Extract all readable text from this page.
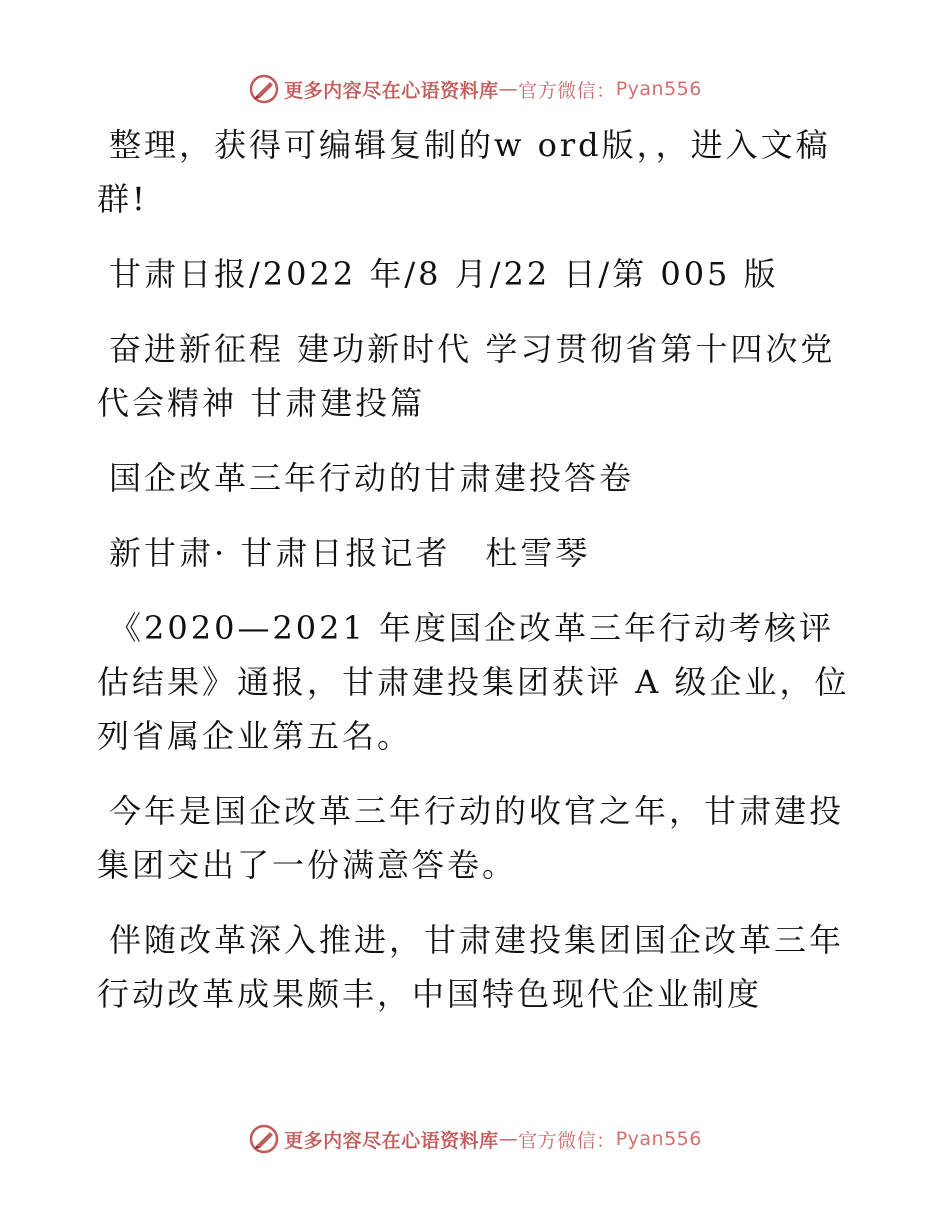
更多内容尽在心语资料库 — 官方微信： Pyan556

整理，获得可编辑复制的w ord版，，进入文稿群!

甘肃日报/2022 年/8 月/22 日/第 005 版

奋进新征程 建功新时代 学习贯彻省第十四次党代会精神 甘肃建投篇

国企改革三年行动的甘肃建投答卷

新甘肃· 甘肃日报记者　杜雪琴

《2020—2021 年度国企改革三年行动考核评估结果》通报，甘肃建投集团获评 A 级企业，位列省属企业第五名。

今年是国企改革三年行动的收官之年，甘肃建投集团交出了一份满意答卷。

伴随改革深入推进，甘肃建投集团国企改革三年行动改革成果颇丰，中国特色现代企业制度

更多内容尽在心语资料库 — 官方微信： Pyan556
